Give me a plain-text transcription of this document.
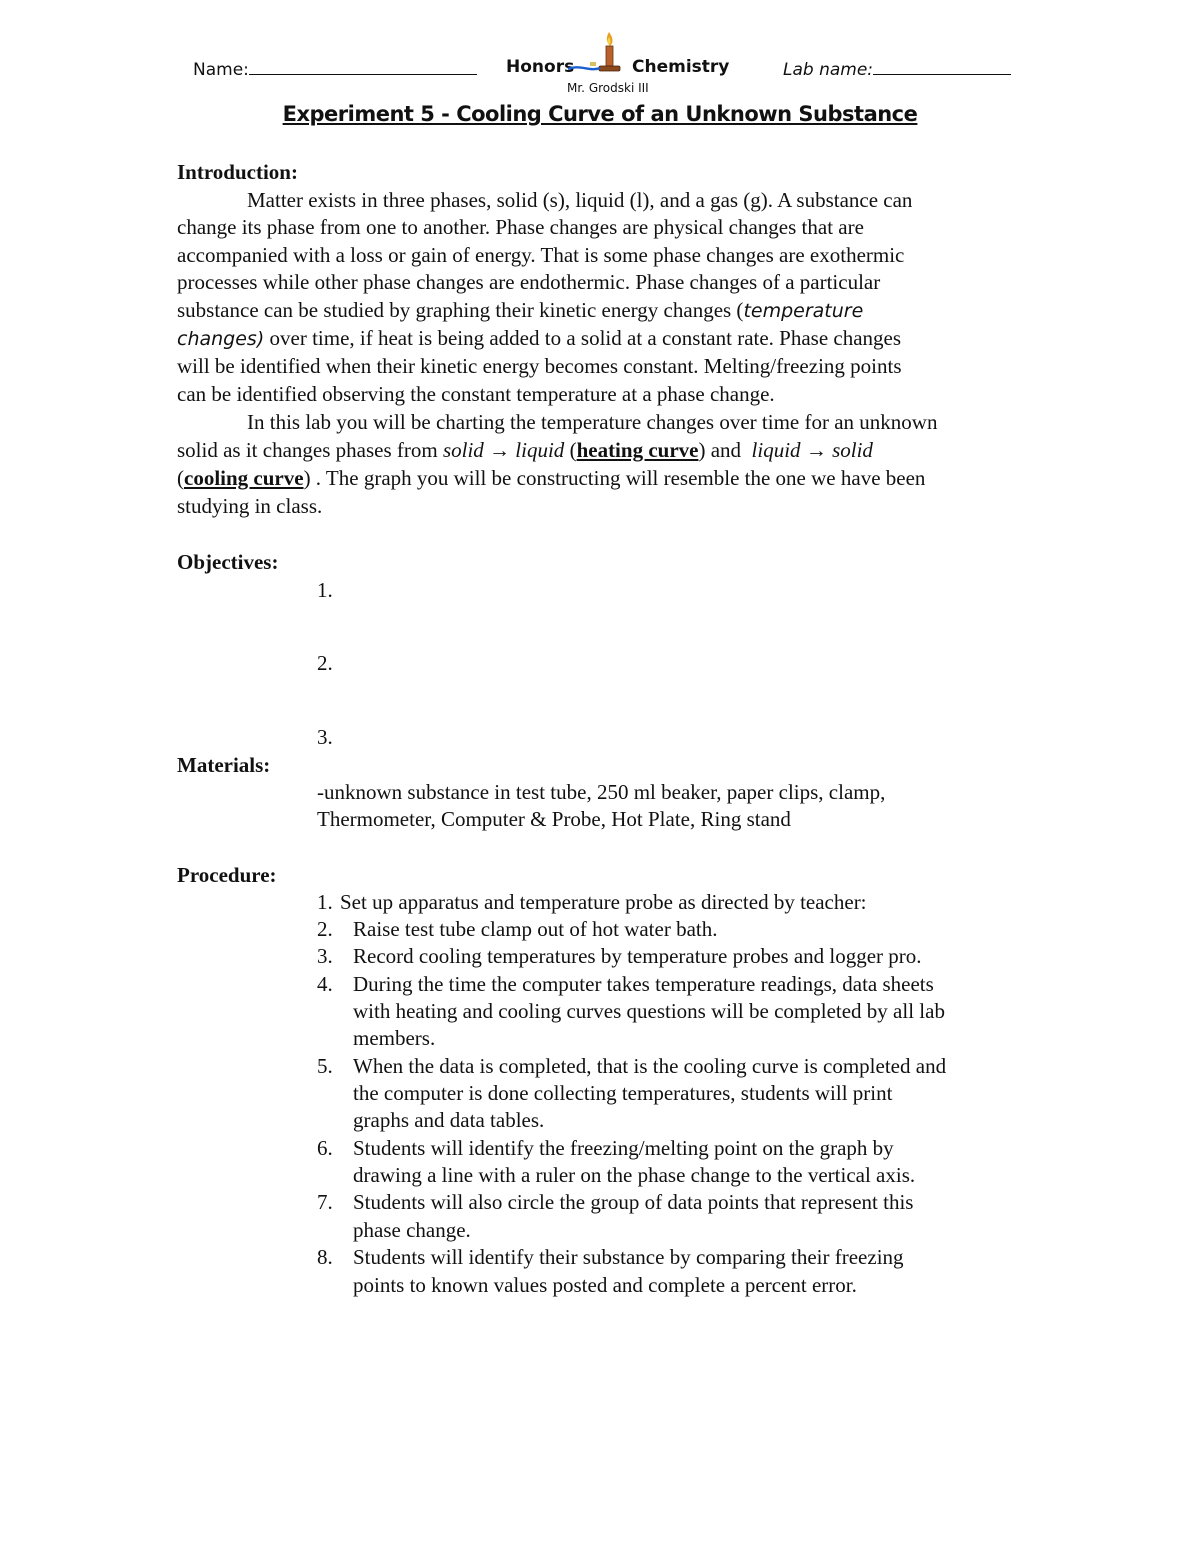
Name:	Honors	Chemistry
Mr. Grodski III
Lab name:
Experiment 5 - Cooling Curve of an Unknown Substance
Introduction:
Matter exists in three phases, solid (s), liquid (l), and a gas (g). A substance can
change its phase from one to another. Phase changes are physical changes that are
accompanied with a loss or gain of energy. That is some phase changes are exothermic
processes while other phase changes are endothermic. Phase changes of a particular
substance can be studied by graphing their kinetic energy changes (temperature
changes) over time, if heat is being added to a solid at a constant rate. Phase changes
will be identified when their kinetic energy becomes constant. Melting/freezing points
can be identified observing the constant temperature at a phase change.
In this lab you will be charting the temperature changes over time for an unknown
solid as it changes phases from solid → liquid (heating curve) and  liquid → solid
(cooling curve) . The graph you will be constructing will resemble the one we have been
studying in class.
Objectives:
1.
2.
3.
Materials:
-unknown substance in test tube, 250 ml beaker, paper clips, clamp,
Thermometer, Computer & Probe, Hot Plate, Ring stand
Procedure:
1. Set up apparatus and temperature probe as directed by teacher:
2. Raise test tube clamp out of hot water bath.
3. Record cooling temperatures by temperature probes and logger pro.
4. During the time the computer takes temperature readings, data sheets
with heating and cooling curves questions will be completed by all lab
members.
5. When the data is completed, that is the cooling curve is completed and
the computer is done collecting temperatures, students will print
graphs and data tables.
6. Students will identify the freezing/melting point on the graph by
drawing a line with a ruler on the phase change to the vertical axis.
7. Students will also circle the group of data points that represent this
phase change.
8. Students will identify their substance by comparing their freezing
points to known values posted and complete a percent error.
